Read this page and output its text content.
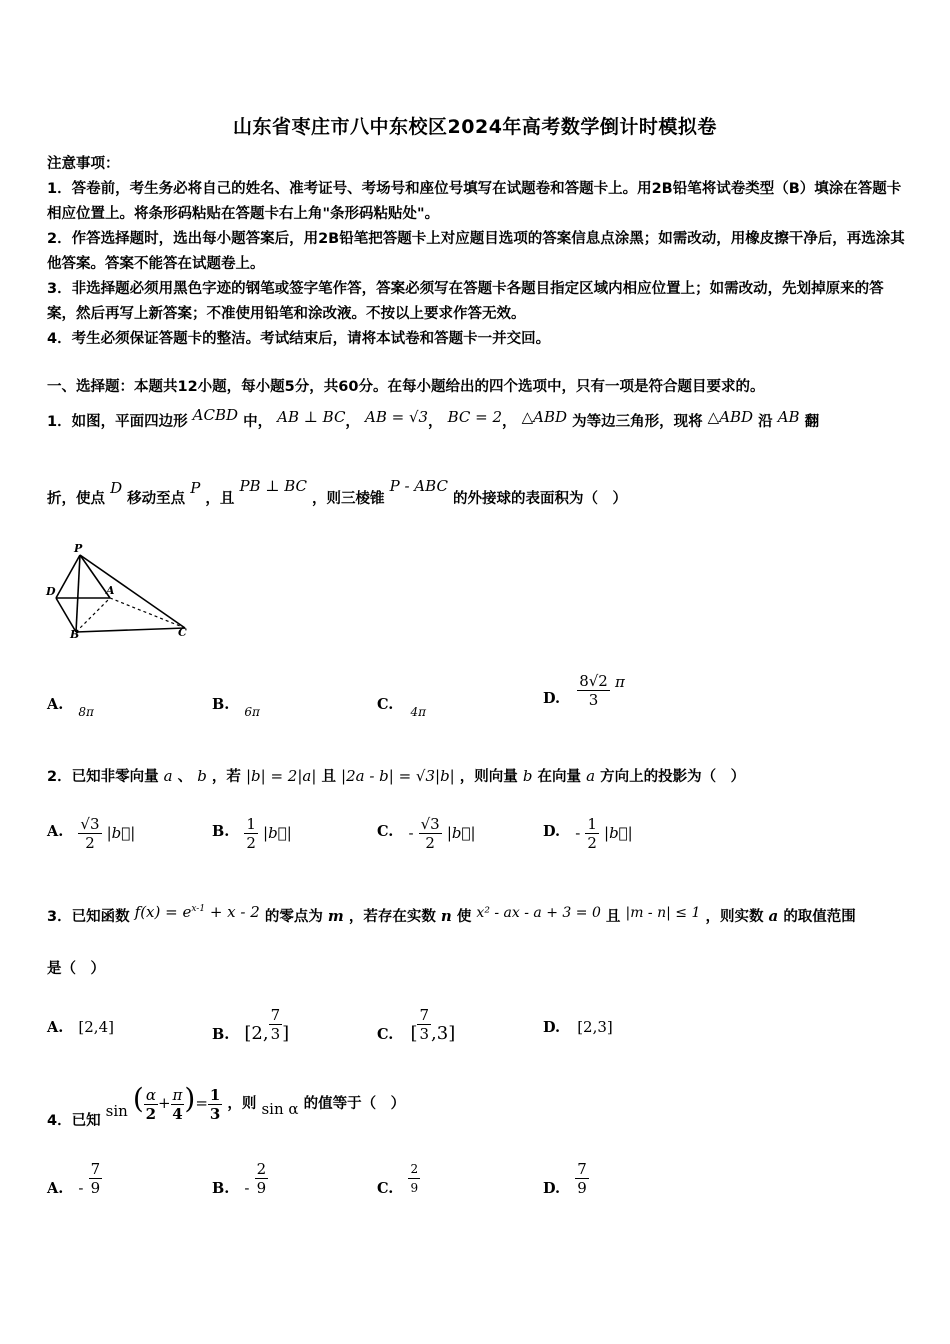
山东省枣庄市八中东校区2024年高考数学倒计时模拟卷

注意事项：

1．答卷前，考生务必将自己的姓名、准考证号、考场号和座位号填写在试题卷和答题卡上。用2B铅笔将试卷类型（B）填涂在答题卡相应位置上。将条形码粘贴在答题卡右上角"条形码粘贴处"。

2．作答选择题时，选出每小题答案后，用2B铅笔把答题卡上对应题目选项的答案信息点涂黑；如需改动，用橡皮擦干净后，再选涂其他答案。答案不能答在试题卷上。

3．非选择题必须用黑色字迹的钢笔或签字笔作答，答案必须写在答题卡各题目指定区域内相应位置上；如需改动，先划掉原来的答案，然后再写上新答案；不准使用铅笔和涂改液。不按以上要求作答无效。

4．考生必须保证答题卡的整洁。考试结束后，请将本试卷和答题卡一并交回。

一、选择题：本题共12小题，每小题5分，共60分。在每小题给出的四个选项中，只有一项是符合题目要求的。
1．如图，平面四边形 ACBD 中， AB ⊥ BC， AB = √3， BC = 2， △ABD 为等边三角形，现将 △ABD 沿 AB 翻
折，使点 D 移动至点 P ，且 PB ⊥ BC ，则三棱锥 P - ABC 的外接球的表面积为（　）
P
D	A
B	C
A. $_{8\pi}$	B. $_{6\pi}$	C. $_{4\pi}$
D. $\frac{8√2}{3}$ π
2．已知非零向量 a 、 b ，若 |b| = 2|a| 且 |2a - b| = √3|b| ，则向量 b 在向量 a 方向上的投影为（　）
A. $\frac{√3}{2}$ |b⃗|	B. $\frac{1}{2}$ |b⃗|	C. - $\frac{√3}{2}$ |b⃗|	D. - $\frac{1}{2}$ |b⃗|
3．已知函数 $f(x) = e^{x-1} + x - 2$ 的零点为 m ，若存在实数 n 使 x² - ax - a + 3 = 0 且 |m - n| ≤ 1 ，则实数 a 的取值范围
是（　）
A. [2,4]	B. [2, $\frac{7}{3}$ ]	C. [ $\frac{7}{3} ,3$]	D. [2,3]
4．已知 sin ( $\frac{\alpha}{2} + \frac{\pi}{4}$ )= $\frac{1}{3}$ ，则 sin α 的值等于（　）
A. - $\frac{7}{9}$	B. - $\frac{2}{9}$	C. $\frac{2}{9}$	D. $\frac{7}{9}$
